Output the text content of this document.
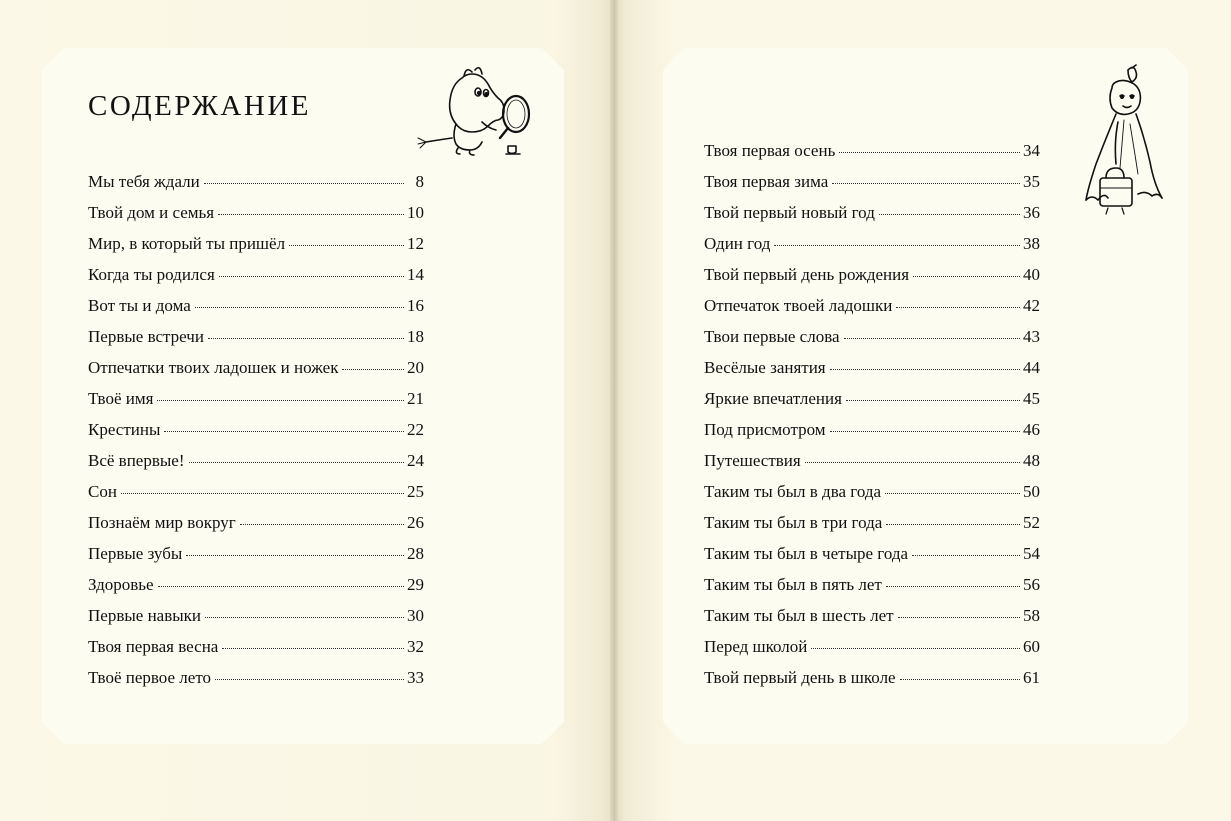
СОДЕРЖАНИЕ
Мы тебя ждали	8
Твой дом и семья	10
Мир, в который ты пришёл	12
Когда ты родился	14
Вот ты и дома	16
Первые встречи	18
Отпечатки твоих ладошек и ножек	20
Твоё имя	21
Крестины	22
Всё впервые!	24
Сон	25
Познаём мир вокруг	26
Первые зубы	28
Здоровье	29
Первые навыки	30
Твоя первая весна	32
Твоё первое лето	33
Твоя первая осень	34
Твоя первая зима	35
Твой первый новый год	36
Один год	38
Твой первый день рождения	40
Отпечаток твоей ладошки	42
Твои первые слова	43
Весёлые занятия	44
Яркие впечатления	45
Под присмотром	46
Путешествия	48
Таким ты был в два года	50
Таким ты был в три года	52
Таким ты был в четыре года	54
Таким ты был в пять лет	56
Таким ты был в шесть лет	58
Перед школой	60
Твой первый день в школе	61
